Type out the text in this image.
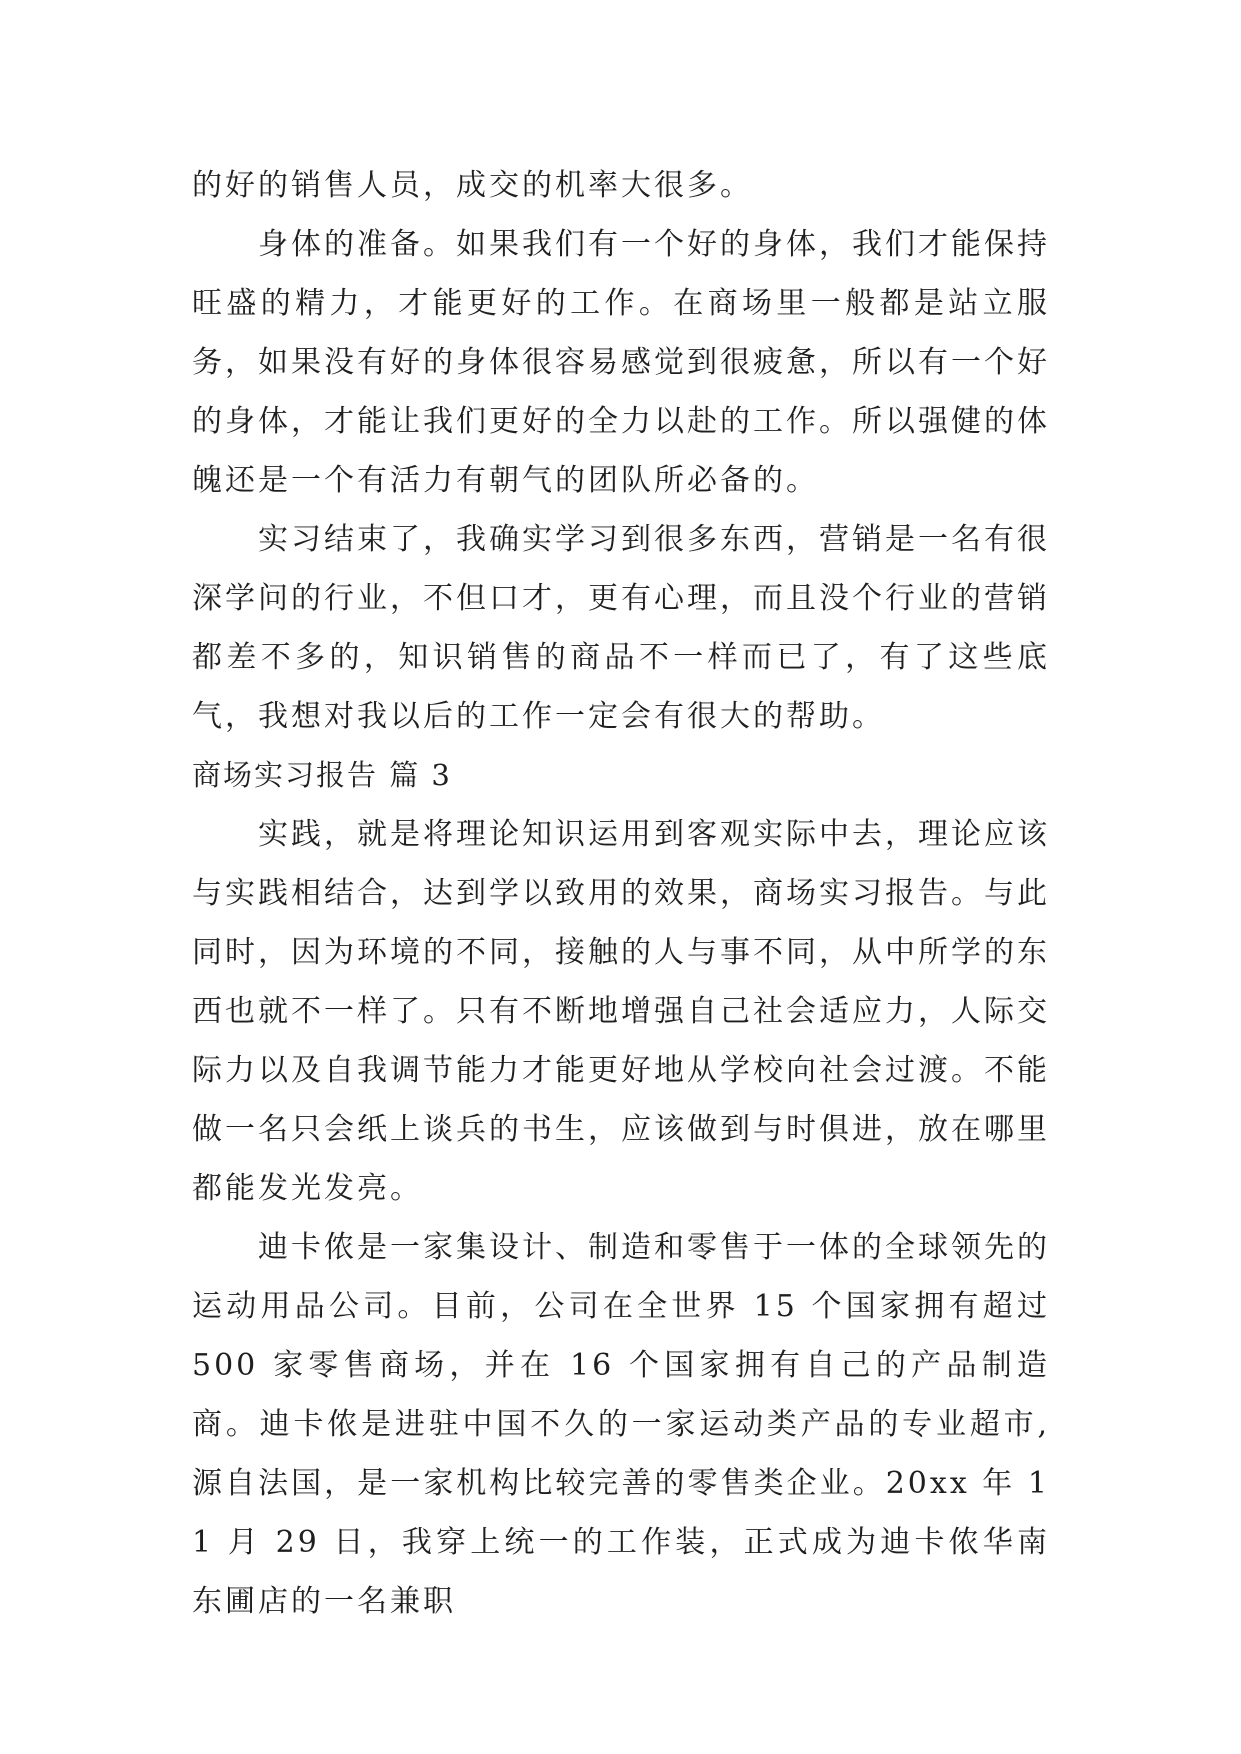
的好的销售人员，成交的机率大很多。

身体的准备。如果我们有一个好的身体，我们才能保持旺盛的精力，才能更好的工作。在商场里一般都是站立服务，如果没有好的身体很容易感觉到很疲惫，所以有一个好的身体，才能让我们更好的全力以赴的工作。所以强健的体魄还是一个有活力有朝气的团队所必备的。

实习结束了，我确实学习到很多东西，营销是一名有很深学问的行业，不但口才，更有心理，而且没个行业的营销都差不多的，知识销售的商品不一样而已了，有了这些底气，我想对我以后的工作一定会有很大的帮助。

商场实习报告 篇 3

实践，就是将理论知识运用到客观实际中去，理论应该与实践相结合，达到学以致用的效果，商场实习报告。与此同时，因为环境的不同，接触的人与事不同，从中所学的东西也就不一样了。只有不断地增强自己社会适应力，人际交际力以及自我调节能力才能更好地从学校向社会过渡。不能做一名只会纸上谈兵的书生，应该做到与时俱进，放在哪里都能发光发亮。

迪卡侬是一家集设计、制造和零售于一体的全球领先的运动用品公司。目前，公司在全世界 15 个国家拥有超过 500 家零售商场，并在 16 个国家拥有自己的产品制造商。迪卡侬是进驻中国不久的一家运动类产品的专业超市,源自法国，是一家机构比较完善的零售类企业。20xx 年 11 月 29 日，我穿上统一的工作装，正式成为迪卡侬华南东圃店的一名兼职
